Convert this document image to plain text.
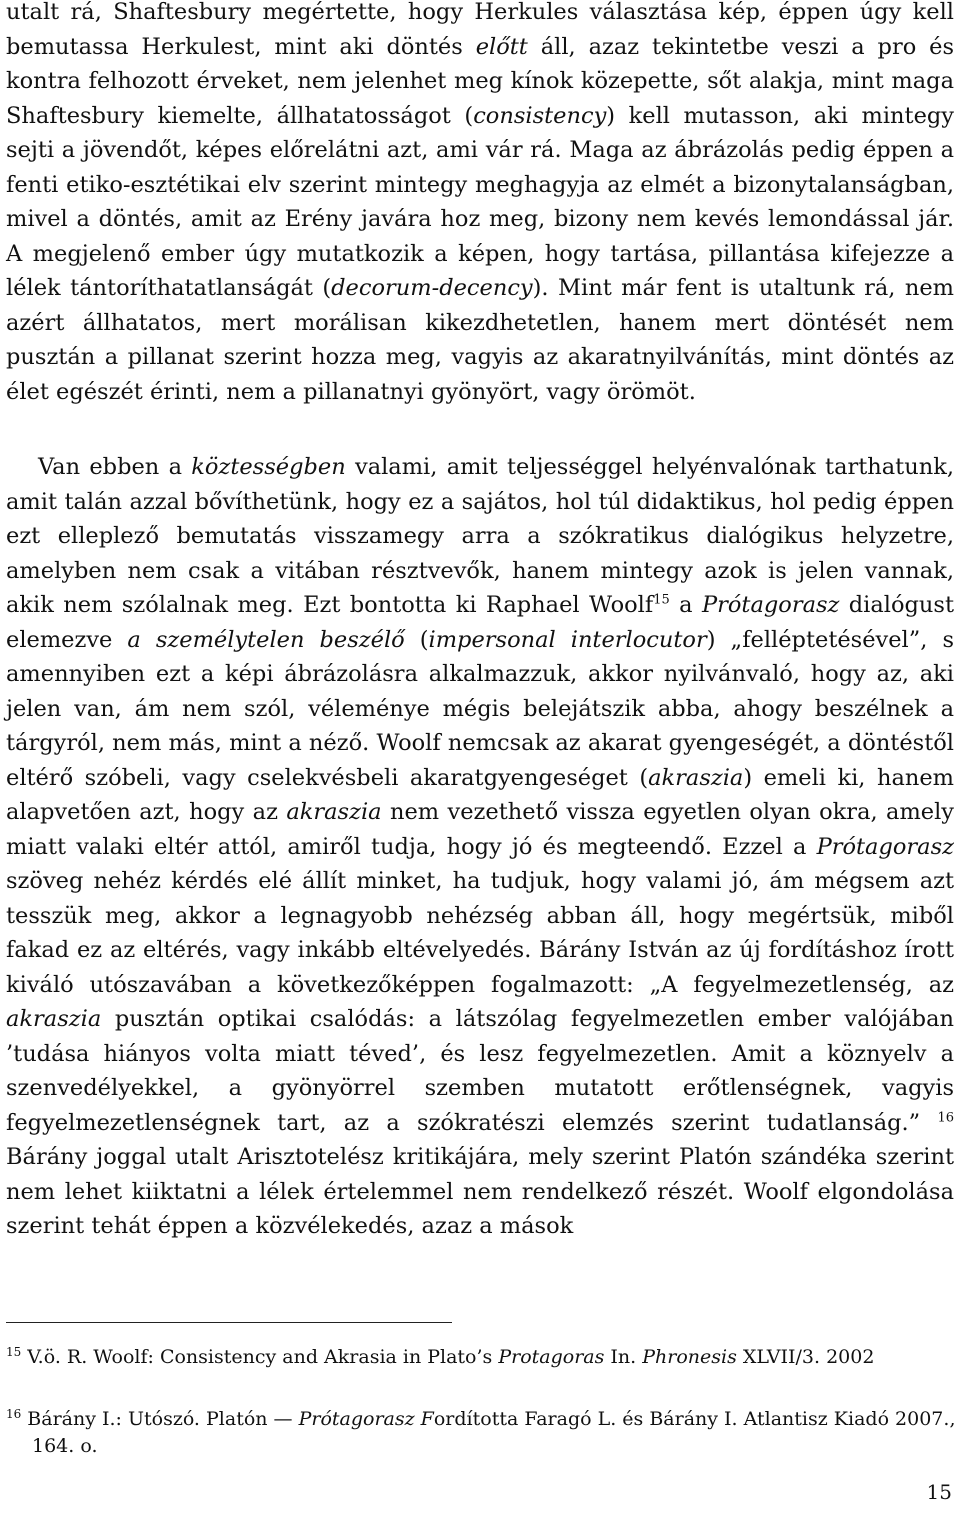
utalt rá, Shaftesbury megértette, hogy Herkules választása kép, éppen úgy kell bemutassa Herkulest, mint aki döntés előtt áll, azaz tekintetbe veszi a pro és kontra felhozott érveket, nem jelenhet meg kínok közepette, sőt alakja, mint maga Shaftesbury kiemelte, állhatatosságot (consistency) kell mutasson, aki mintegy sejti a jövendőt, képes előrelátni azt, ami vár rá. Maga az ábrázolás pedig éppen a fenti etiko-esztétikai elv szerint mintegy meghagyja az elmét a bizonytalanságban, mivel a döntés, amit az Erény javára hoz meg, bizony nem kevés lemondással jár. A megjelenő ember úgy mutatkozik a képen, hogy tartása, pillantása kifejezze a lélek tántoríthatatlanságát (decorum-decency). Mint már fent is utaltunk rá, nem azért állhatatos, mert morálisan kikezdhetetlen, hanem mert döntését nem pusztán a pillanat szerint hozza meg, vagyis az akaratnyilvánítás, mint döntés az élet egészét érinti, nem a pillanatnyi gyönyört, vagy örömöt.

Van ebben a köztességben valami, amit teljességgel helyénvalónak tarthatunk, amit talán azzal bővíthetünk, hogy ez a sajátos, hol túl didaktikus, hol pedig éppen ezt elleplező bemutatás visszamegy arra a szókratikus dialógikus helyzetre, amelyben nem csak a vitában résztvevők, hanem mintegy azok is jelen vannak, akik nem szólalnak meg. Ezt bontotta ki Raphael Woolf$^{15}$ a Prótagorasz dialógust elemezve a személytelen beszélő (impersonal interlocutor) „felléptetésével”, s amennyiben ezt a képi ábrázolásra alkalmazzuk, akkor nyilvánvaló, hogy az, aki jelen van, ám nem szól, véleménye mégis belejátszik abba, ahogy beszélnek a tárgyról, nem más, mint a néző. Woolf nemcsak az akarat gyengeségét, a döntéstől eltérő szóbeli, vagy cselekvésbeli akaratgyengeséget (akraszia) emeli ki, hanem alapvetően azt, hogy az akraszia nem vezethető vissza egyetlen olyan okra, amely miatt valaki eltér attól, amiről tudja, hogy jó és megteendő. Ezzel a Prótagorasz szöveg nehéz kérdés elé állít minket, ha tudjuk, hogy valami jó, ám mégsem azt tesszük meg, akkor a legnagyobb nehézség abban áll, hogy megértsük, miből fakad ez az eltérés, vagy inkább eltévelyedés. Bárány István az új fordításhoz írott kiváló utószavában a következőképpen fogalmazott: „A fegyelmezetlenség, az akraszia pusztán optikai csalódás: a látszólag fegyelmezetlen ember valójában ’tudása hiányos volta miatt téved’, és lesz fegyelmezetlen. Amit a köznyelv a szenvedélyekkel, a gyönyörrel szemben mutatott erőtlenségnek, vagyis fegyelmezetlenségnek tart, az a szókratészi elemzés szerint tudatlanság.” $^{16}$ Bárány joggal utalt Arisztotelész kritikájára, mely szerint Platón szándéka szerint nem lehet kiiktatni a lélek értelemmel nem rendelkező részét. Woolf elgondolása szerint tehát éppen a közvélekedés, azaz a mások

$^{15}$ V.ö. R. Woolf: Consistency and Akrasia in Plato’s Protagoras In. Phronesis XLVII/3. 2002

$^{16}$ Bárány I.: Utószó. Platón — Prótagorasz Fordította Faragó L. és Bárány I. Atlantisz Kiadó 2007., 164. o.

15
